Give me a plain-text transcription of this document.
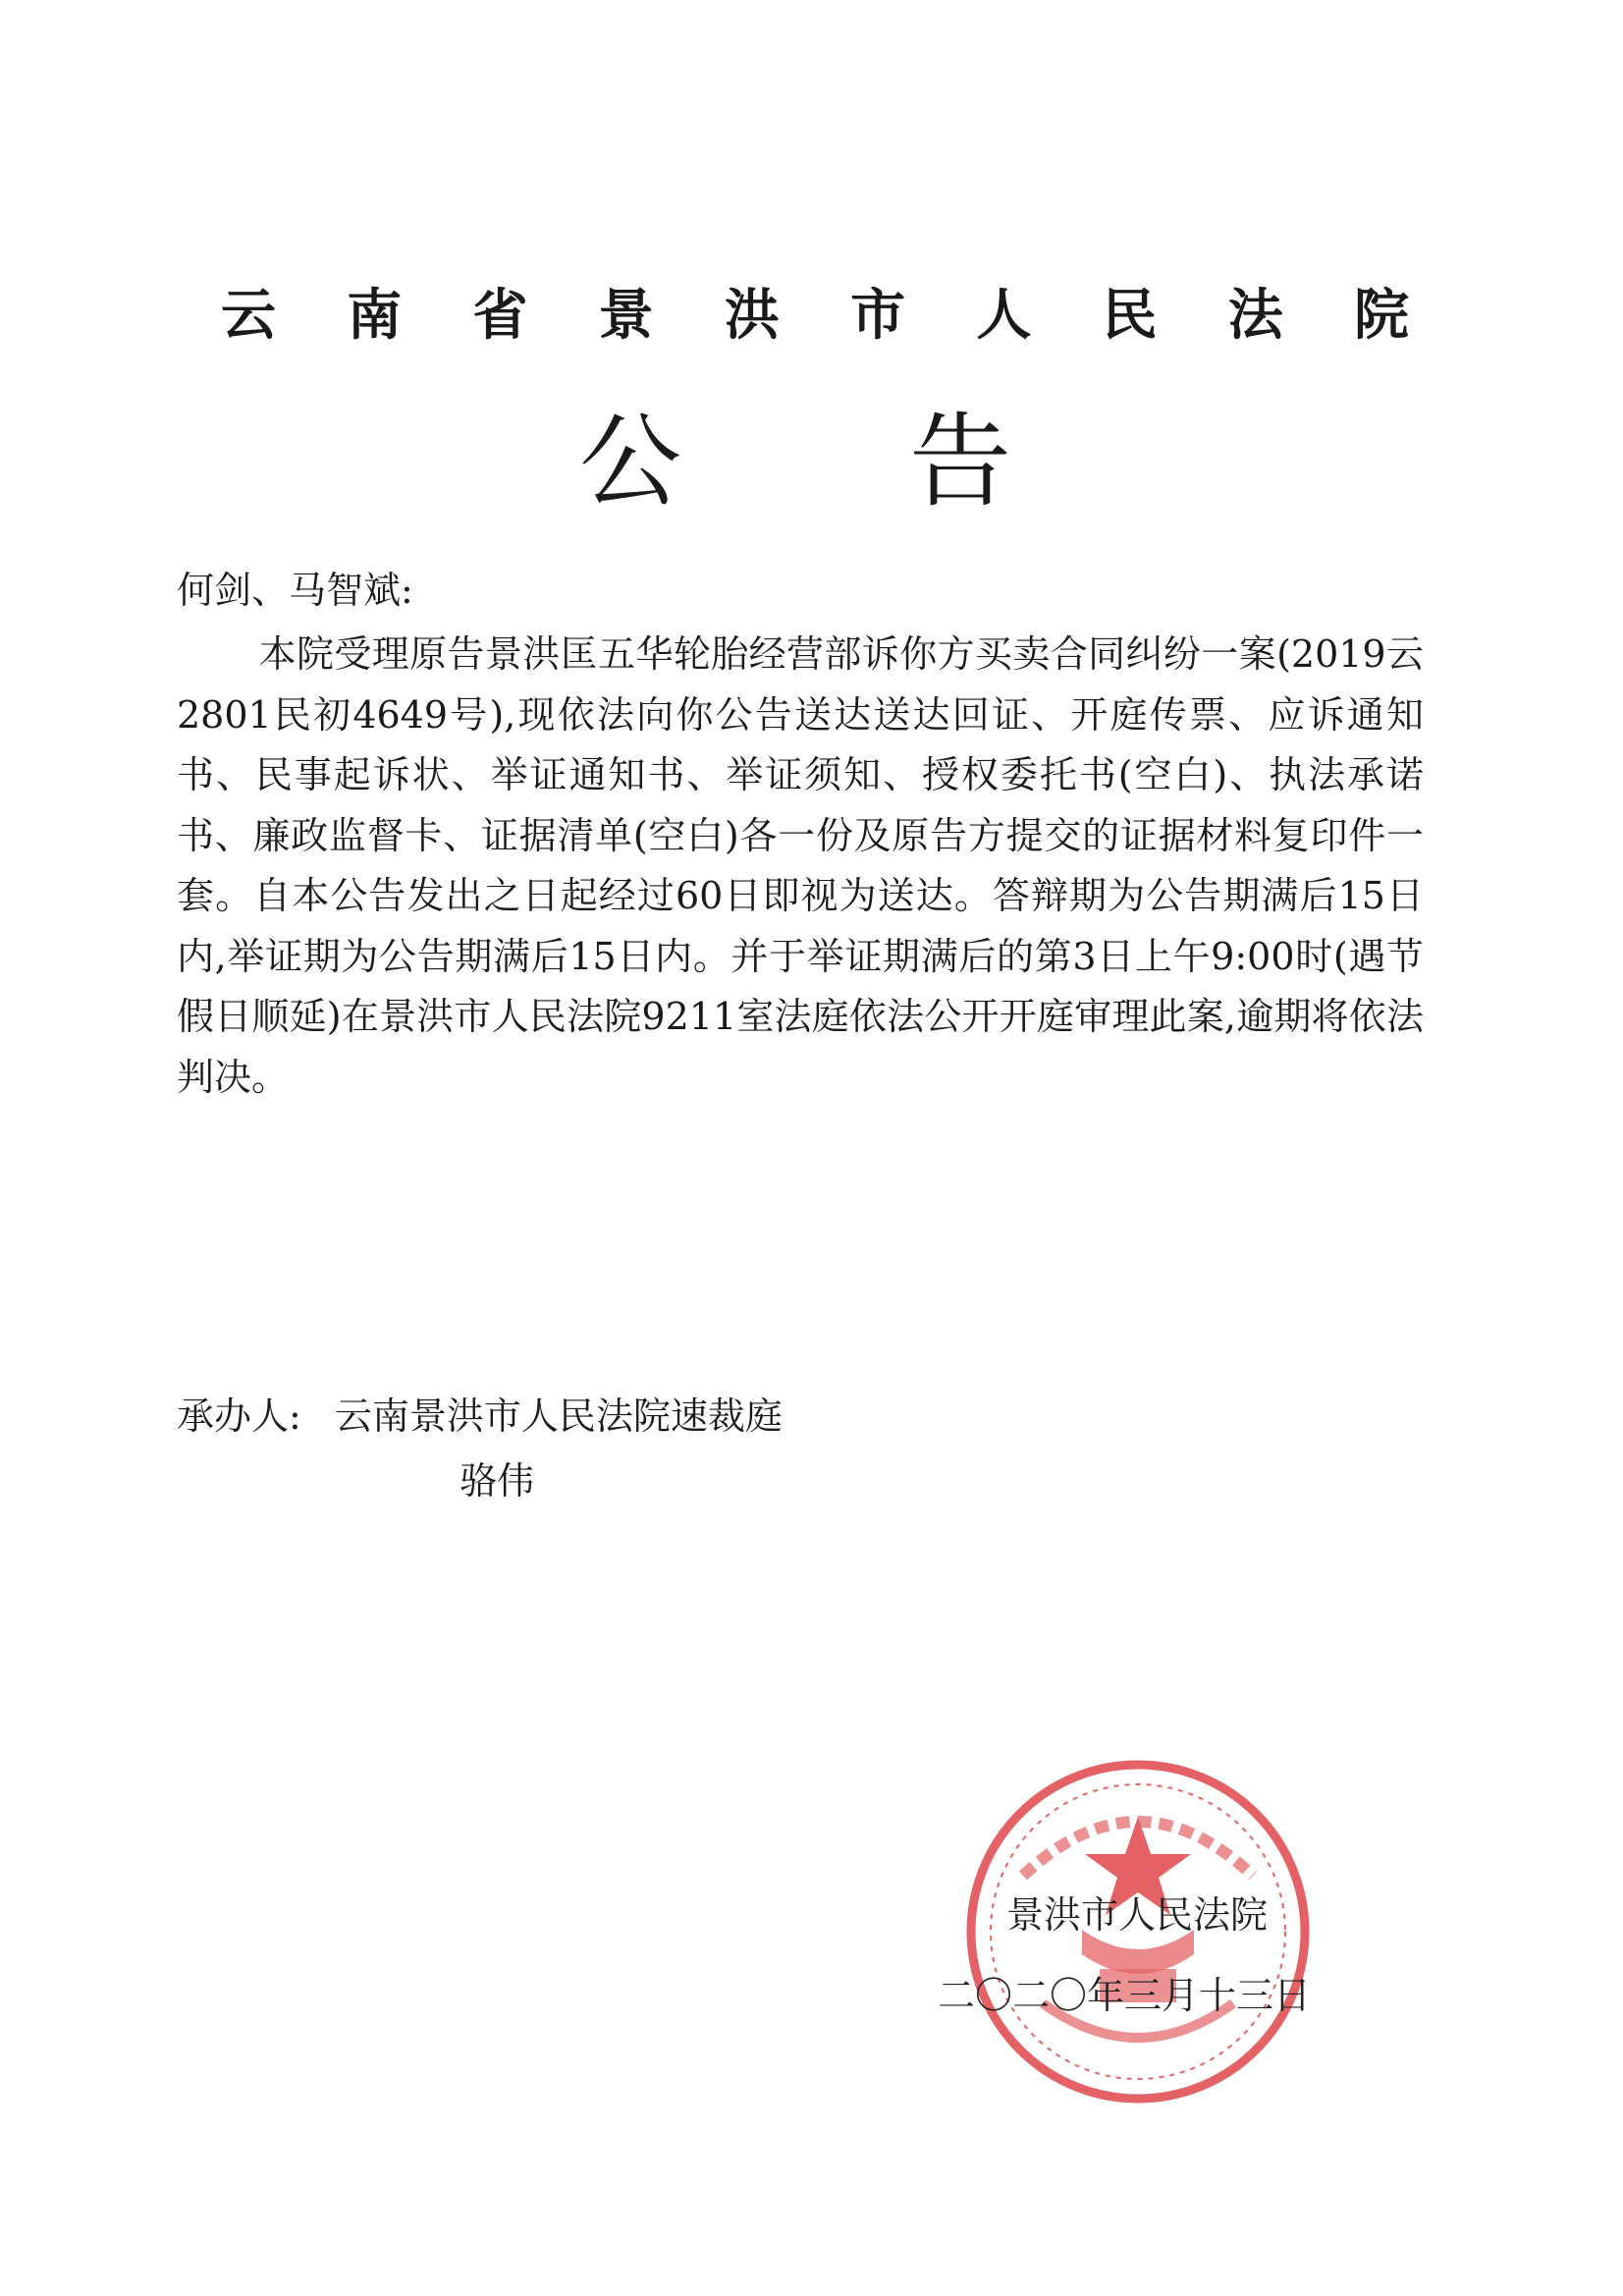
云 南 省 景 洪 市 人 民 法 院
公 告
何剑、马智斌:
本院受理原告景洪匡五华轮胎经营部诉你方买卖合同纠纷一案(2019云2801民初4649号),现依法向你公告送达送达回证、开庭传票、应诉通知书、民事起诉状、举证通知书、举证须知、授权委托书(空白)、执法承诺书、廉政监督卡、证据清单(空白)各一份及原告方提交的证据材料复印件一套。自本公告发出之日起经过60日即视为送达。答辩期为公告期满后15日内,举证期为公告期满后15日内。并于举证期满后的第3日上午9:00时(遇节假日顺延)在景洪市人民法院9211室法庭依法公开开庭审理此案,逾期将依法判决。
承办人: 云南景洪市人民法院速裁庭
骆伟
景洪市人民法院
二〇二〇年三月十三日
